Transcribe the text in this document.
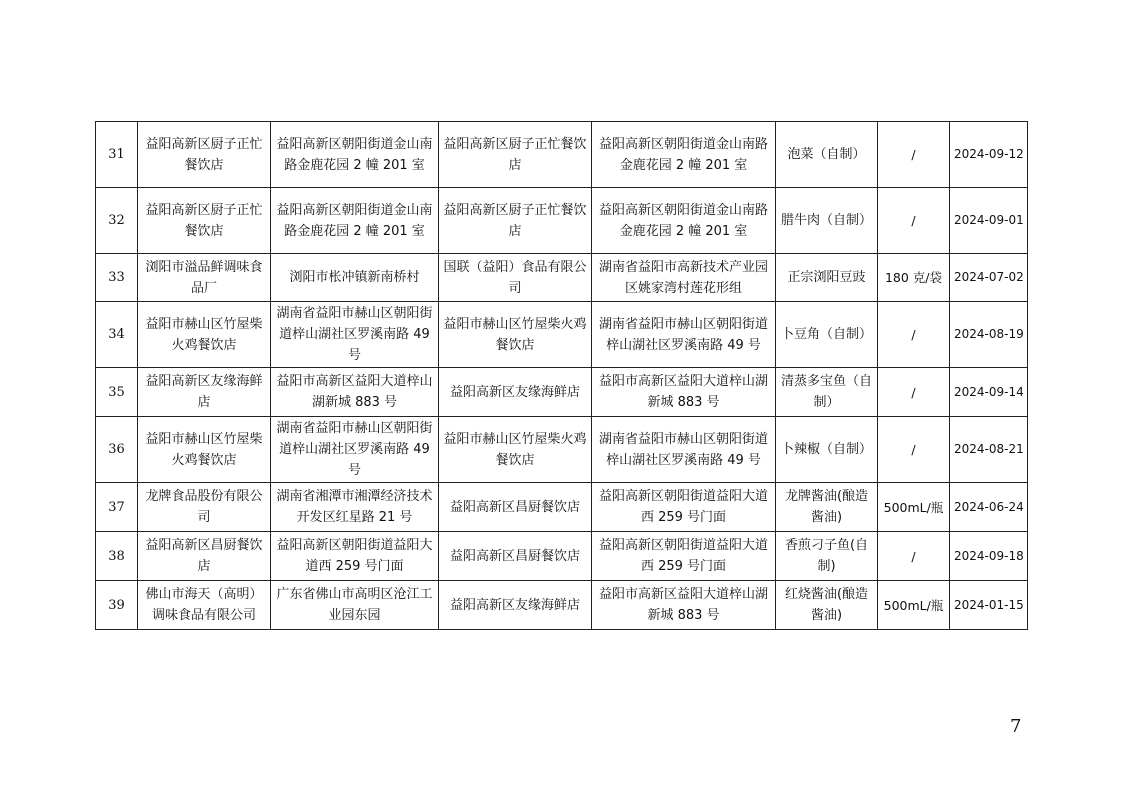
31	益阳高新区厨子正忙餐饮店	益阳高新区朝阳街道金山南路金鹿花园 2 幢 201 室	益阳高新区厨子正忙餐饮店	益阳高新区朝阳街道金山南路金鹿花园 2 幢 201 室	泡菜（自制）	/	2024-09-12
32	益阳高新区厨子正忙餐饮店	益阳高新区朝阳街道金山南路金鹿花园 2 幢 201 室	益阳高新区厨子正忙餐饮店	益阳高新区朝阳街道金山南路金鹿花园 2 幢 201 室	腊牛肉（自制）	/	2024-09-01
33	浏阳市溢品鲜调味食品厂	浏阳市枨冲镇新南桥村	国联（益阳）食品有限公司	湖南省益阳市高新技术产业园区姚家湾村莲花形组	正宗浏阳豆豉	180 克/袋	2024-07-02
34	益阳市赫山区竹屋柴火鸡餐饮店	湖南省益阳市赫山区朝阳街道梓山湖社区罗溪南路 49 号	益阳市赫山区竹屋柴火鸡餐饮店	湖南省益阳市赫山区朝阳街道梓山湖社区罗溪南路 49 号	卜豆角（自制）	/	2024-08-19
35	益阳高新区友缘海鲜店	益阳市高新区益阳大道梓山湖新城 883 号	益阳高新区友缘海鲜店	益阳市高新区益阳大道梓山湖新城 883 号	清蒸多宝鱼（自制）	/	2024-09-14
36	益阳市赫山区竹屋柴火鸡餐饮店	湖南省益阳市赫山区朝阳街道梓山湖社区罗溪南路 49 号	益阳市赫山区竹屋柴火鸡餐饮店	湖南省益阳市赫山区朝阳街道梓山湖社区罗溪南路 49 号	卜辣椒（自制）	/	2024-08-21
37	龙牌食品股份有限公司	湖南省湘潭市湘潭经济技术开发区红星路 21 号	益阳高新区昌厨餐饮店	益阳高新区朝阳街道益阳大道西 259 号门面	龙牌酱油(酿造酱油)	500mL/瓶	2024-06-24
38	益阳高新区昌厨餐饮店	益阳高新区朝阳街道益阳大道西 259 号门面	益阳高新区昌厨餐饮店	益阳高新区朝阳街道益阳大道西 259 号门面	香煎刁子鱼(自制)	/	2024-09-18
39	佛山市海天（高明）调味食品有限公司	广东省佛山市高明区沧江工业园东园	益阳高新区友缘海鲜店	益阳市高新区益阳大道梓山湖新城 883 号	红烧酱油(酿造酱油)	500mL/瓶	2024-01-15
7
